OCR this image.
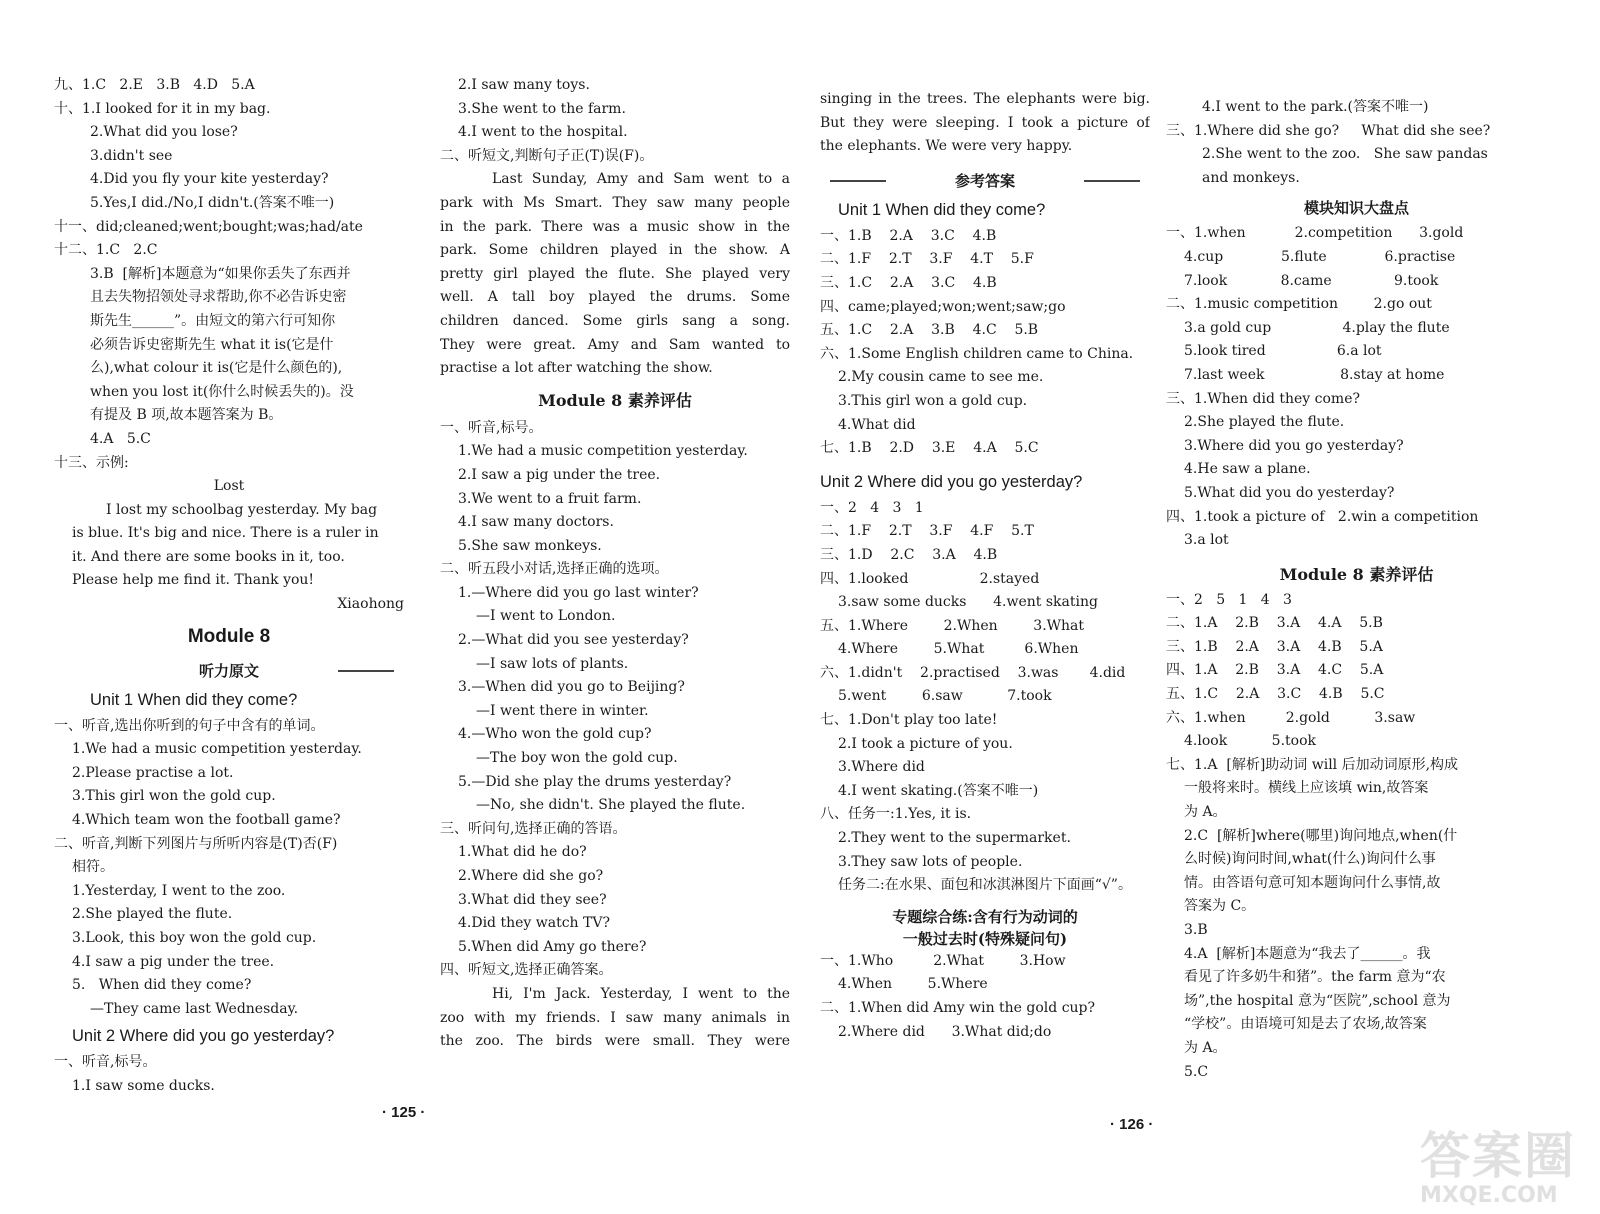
九、1.C   2.E   3.B   4.D   5.A
十、1.I looked for it in my bag.
2.What did you lose?
3.didn't see
4.Did you fly your kite yesterday?
5.Yes,I did./No,I didn't.(答案不唯一)
十一、did;cleaned;went;bought;was;had/ate
十二、1.C   2.C
3.B  [解析]本题意为“如果你丢失了东西并
且去失物招领处寻求帮助,你不必告诉史密
斯先生______”。由短文的第六行可知你
必须告诉史密斯先生 what it is(它是什
么),what colour it is(它是什么颜色的),
when you lost it(你什么时候丢失的)。没
有提及 B 项,故本题答案为 B。
4.A   5.C
十三、示例:
Lost
I lost my schoolbag yesterday. My bag
is blue. It's big and nice. There is a ruler in
it. And there are some books in it, too.
Please help me find it. Thank you!
Xiaohong
Module 8
听力原文
Unit 1 When did they come?
一、听音,选出你听到的句子中含有的单词。
1.We had a music competition yesterday.
2.Please practise a lot.
3.This girl won the gold cup.
4.Which team won the football game?
二、听音,判断下列图片与所听内容是(T)否(F)
相符。
1.Yesterday, I went to the zoo.
2.She played the flute.
3.Look, this boy won the gold cup.
4.I saw a pig under the tree.
5.   When did they come?
—They came last Wednesday.
Unit 2 Where did you go yesterday?
一、听音,标号。
1.I saw some ducks.
2.I saw many toys.
3.She went to the farm.
4.I went to the hospital.
二、听短文,判断句子正(T)误(F)。
Last Sunday, Amy and Sam went to a
park with Ms Smart. They saw many people
in the park. There was a music show in the
park. Some children played in the show. A
pretty girl played the flute. She played very
well. A tall boy played the drums. Some
children danced. Some girls sang a song.
They were great. Amy and Sam wanted to
practise a lot after watching the show.
Module 8 素养评估
一、听音,标号。
1.We had a music competition yesterday.
2.I saw a pig under the tree.
3.We went to a fruit farm.
4.I saw many doctors.
5.She saw monkeys.
二、听五段小对话,选择正确的选项。
1.—Where did you go last winter?
—I went to London.
2.—What did you see yesterday?
—I saw lots of plants.
3.—When did you go to Beijing?
—I went there in winter.
4.—Who won the gold cup?
—The boy won the gold cup.
5.—Did she play the drums yesterday?
—No, she didn't. She played the flute.
三、听问句,选择正确的答语。
1.What did he do?
2.Where did she go?
3.What did they see?
4.Did they watch TV?
5.When did Amy go there?
四、听短文,选择正确答案。
Hi, I'm Jack. Yesterday, I went to the
zoo with my friends. I saw many animals in
the zoo. The birds were small. They were
singing in the trees. The elephants were big.
But they were sleeping. I took a picture of
the elephants. We were very happy.
参考答案
Unit 1 When did they come?
一、1.B    2.A    3.C    4.B
二、1.F    2.T    3.F    4.T    5.F
三、1.C    2.A    3.C    4.B
四、came;played;won;went;saw;go
五、1.C    2.A    3.B    4.C    5.B
六、1.Some English children came to China.
2.My cousin came to see me.
3.This girl won a gold cup.
4.What did
七、1.B    2.D    3.E    4.A    5.C
Unit 2 Where did you go yesterday?
一、2   4   3   1
二、1.F    2.T    3.F    4.F    5.T
三、1.D    2.C    3.A    4.B
四、1.looked                2.stayed
3.saw some ducks      4.went skating
五、1.Where        2.When        3.What
4.Where        5.What         6.When
六、1.didn't    2.practised    3.was       4.did
5.went        6.saw          7.took
七、1.Don't play too late!
2.I took a picture of you.
3.Where did
4.I went skating.(答案不唯一)
八、任务一:1.Yes, it is.
2.They went to the supermarket.
3.They saw lots of people.
任务二:在水果、面包和冰淇淋图片下面画“√”。
专题综合练:含有行为动词的
一般过去时(特殊疑问句)
一、1.Who         2.What        3.How
4.When        5.Where
二、1.When did Amy win the gold cup?
2.Where did      3.What did;do
4.I went to the park.(答案不唯一)
三、1.Where did she go?     What did she see?
2.She went to the zoo.   She saw pandas
and monkeys.
模块知识大盘点
一、1.when           2.competition      3.gold
4.cup             5.flute             6.practise
7.look            8.came              9.took
二、1.music competition        2.go out
3.a gold cup                4.play the flute
5.look tired                6.a lot
7.last week                 8.stay at home
三、1.When did they come?
2.She played the flute.
3.Where did you go yesterday?
4.He saw a plane.
5.What did you do yesterday?
四、1.took a picture of   2.win a competition
3.a lot
Module 8 素养评估
一、2   5   1   4   3
二、1.A    2.B    3.A    4.A    5.B
三、1.B    2.A    3.A    4.B    5.A
四、1.A    2.B    3.A    4.C    5.A
五、1.C    2.A    3.C    4.B    5.C
六、1.when         2.gold          3.saw
4.look          5.took
七、1.A  [解析]助动词 will 后加动词原形,构成
一般将来时。横线上应该填 win,故答案
为 A。
2.C  [解析]where(哪里)询问地点,when(什
么时候)询问时间,what(什么)询问什么事
情。由答语句意可知本题询问什么事情,故
答案为 C。
3.B
4.A  [解析]本题意为“我去了______。我
看见了许多奶牛和猪”。the farm 意为“农
场”,the hospital 意为“医院”,school 意为
“学校”。由语境可知是去了农场,故答案
为 A。
5.C
· 125 ·
· 126 ·
答案圈
MXQE.COM
